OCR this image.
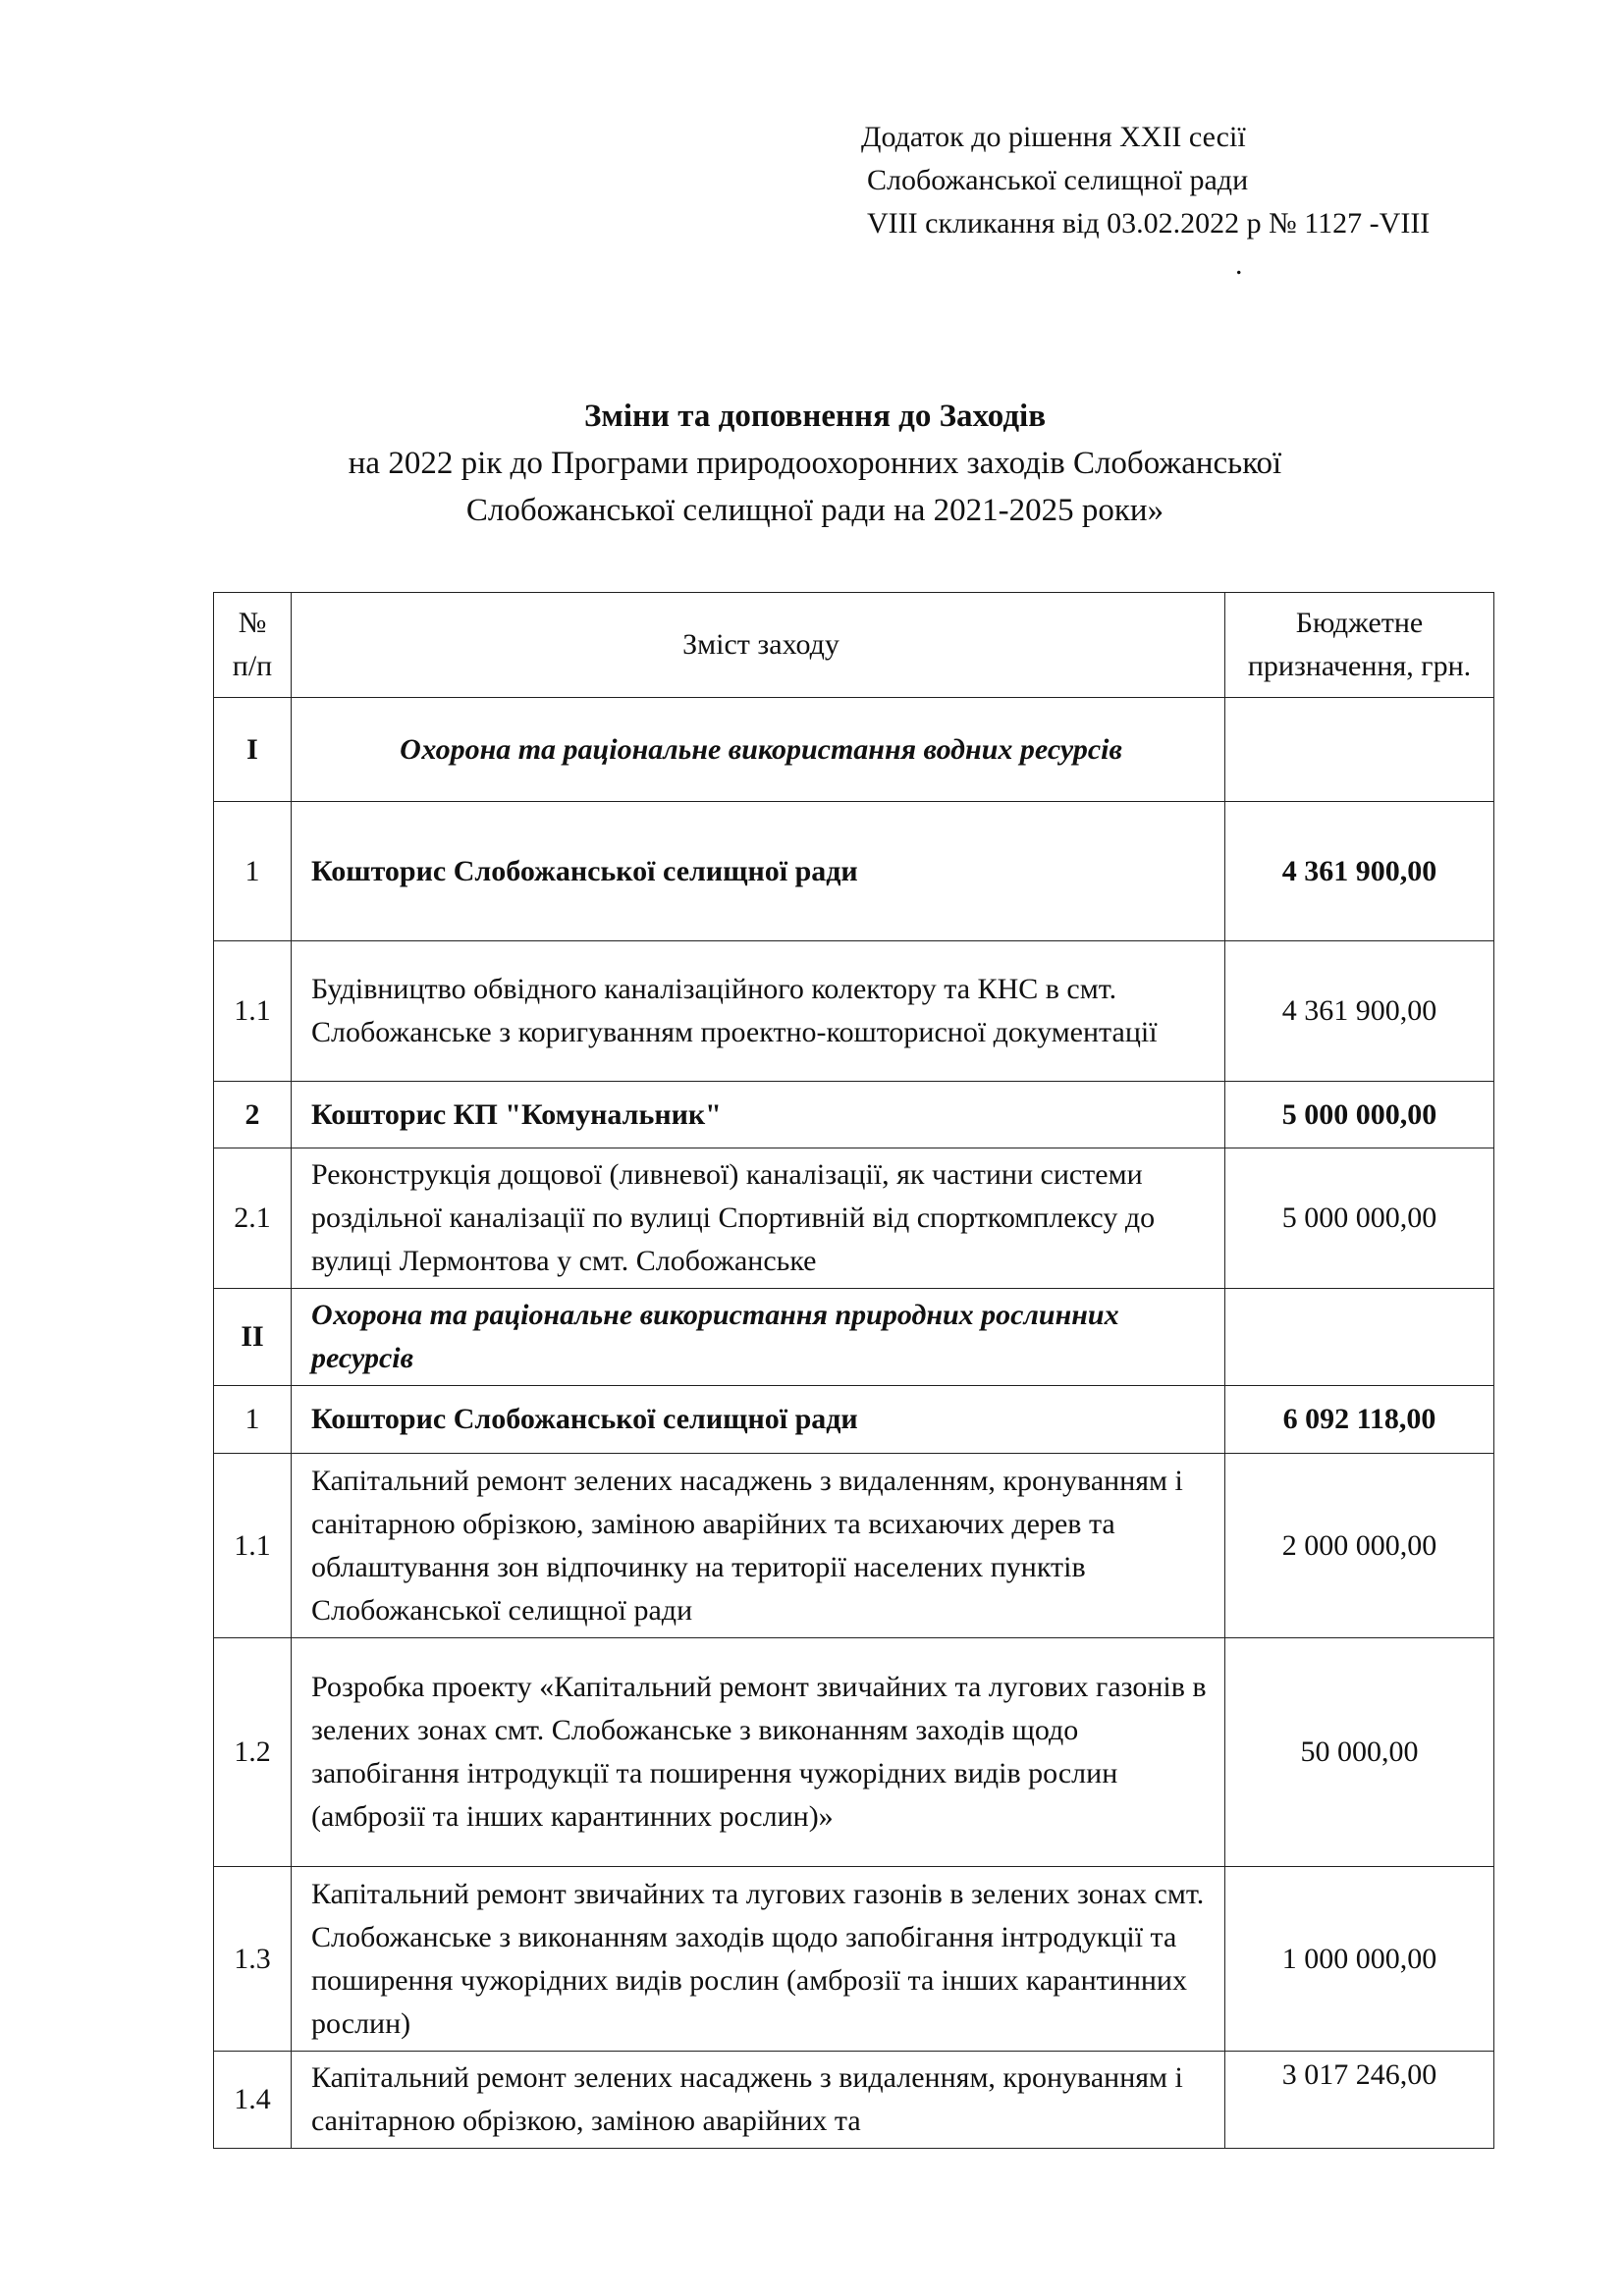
Додаток до рішення XXII сесії
Слобожанської селищної ради
VIII скликання від 03.02.2022 р № 1127 -VIII
.
Зміни та доповнення до Заходів
на 2022 рік до Програми природоохоронних заходів Слобожанської
Слобожанської селищної ради на 2021-2025 роки»
№ п/п	Зміст заходу	Бюджетне призначення, грн.
I	Охорона та раціональне використання водних ресурсів	
1	Кошторис Слобожанської селищної ради	4 361 900,00
1.1	Будівництво обвідного каналізаційного колектору та КНС в смт. Слобожанське з коригуванням проектно-кошторисної документації	4 361 900,00
2	Кошторис КП "Комунальник"	5 000 000,00
2.1	Реконструкція дощової (ливневої) каналізації, як частини системи роздільної каналізації по вулиці Спортивній від спорткомплексу до вулиці Лермонтова у смт. Слобожанське	5 000 000,00
II	Охорона та раціональне використання природних рослинних ресурсів	
1	Кошторис Слобожанської селищної ради	6 092 118,00
1.1	Капітальний ремонт зелених насаджень з видаленням, кронуванням і санітарною обрізкою, заміною аварійних та всихаючих дерев та облаштування зон відпочинку на території населених пунктів Слобожанської селищної ради	2 000 000,00
1.2	Розробка проекту «Капітальний ремонт звичайних та лугових газонів в зелених зонах смт. Слобожанське з виконанням заходів щодо запобігання інтродукції та поширення чужорідних видів рослин (амброзії та інших карантинних рослин)»	50 000,00
1.3	Капітальний ремонт звичайних та лугових газонів в зелених зонах смт. Слобожанське з виконанням заходів щодо запобігання інтродукції та поширення чужорідних видів рослин (амброзії та інших карантинних рослин)	1 000 000,00
1.4	Капітальний ремонт зелених насаджень з видаленням, кронуванням і санітарною обрізкою, заміною аварійних та	3 017 246,00
